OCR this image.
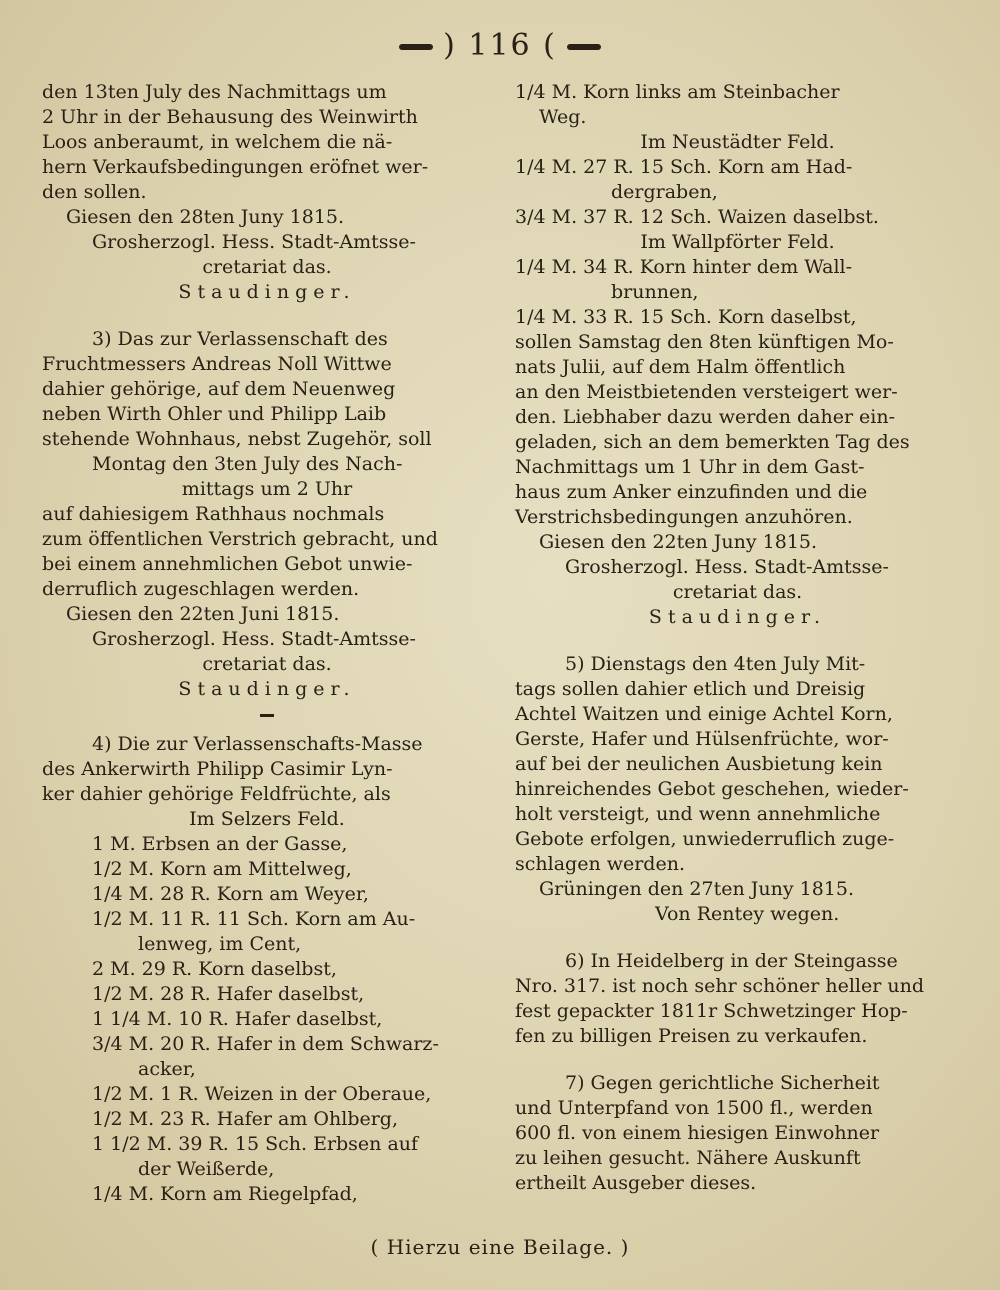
) 116 (
den 13ten July des Nachmittags um
2 Uhr in der Behausung des Weinwirth
Loos anberaumt, in welchem die nä-
hern Verkaufsbedingungen eröfnet wer-
den sollen.
Giesen den 28ten Juny 1815.
Grosherzogl. Hess. Stadt-Amtsse-
cretariat das.
Staudinger.
3) Das zur Verlassenschaft des
Fruchtmessers Andreas Noll Wittwe
dahier gehörige, auf dem Neuenweg
neben Wirth Ohler und Philipp Laib
stehende Wohnhaus, nebst Zugehör, soll
Montag den 3ten July des Nach-
mittags um 2 Uhr
auf dahiesigem Rathhaus nochmals
zum öffentlichen Verstrich gebracht, und
bei einem annehmlichen Gebot unwie-
derruflich zugeschlagen werden.
Giesen den 22ten Juni 1815.
Grosherzogl. Hess. Stadt-Amtsse-
cretariat das.
Staudinger.
4) Die zur Verlassenschafts-Masse
des Ankerwirth Philipp Casimir Lyn-
ker dahier gehörige Feldfrüchte, als
Im Selzers Feld.
1 M. Erbsen an der Gasse,
1/2 M. Korn am Mittelweg,
1/4 M. 28 R. Korn am Weyer,
1/2 M. 11 R. 11 Sch. Korn am Au-
lenweg, im Cent,
2 M. 29 R. Korn daselbst,
1/2 M. 28 R. Hafer daselbst,
1 1/4 M. 10 R. Hafer daselbst,
3/4 M. 20 R. Hafer in dem Schwarz-
acker,
1/2 M. 1 R. Weizen in der Oberaue,
1/2 M. 23 R. Hafer am Ohlberg,
1 1/2 M. 39 R. 15 Sch. Erbsen auf
der Weißerde,
1/4 M. Korn am Riegelpfad,
1/4 M. Korn links am Steinbacher
Weg.
Im Neustädter Feld.
1/4 M. 27 R. 15 Sch. Korn am Had-
dergraben,
3/4 M. 37 R. 12 Sch. Waizen daselbst.
Im Wallpförter Feld.
1/4 M. 34 R. Korn hinter dem Wall-
brunnen,
1/4 M. 33 R. 15 Sch. Korn daselbst,
sollen Samstag den 8ten künftigen Mo-
nats Julii, auf dem Halm öffentlich
an den Meistbietenden versteigert wer-
den. Liebhaber dazu werden daher ein-
geladen, sich an dem bemerkten Tag des
Nachmittags um 1 Uhr in dem Gast-
haus zum Anker einzufinden und die
Verstrichsbedingungen anzuhören.
Giesen den 22ten Juny 1815.
Grosherzogl. Hess. Stadt-Amtsse-
cretariat das.
Staudinger.
5) Dienstags den 4ten July Mit-
tags sollen dahier etlich und Dreisig
Achtel Waitzen und einige Achtel Korn,
Gerste, Hafer und Hülsenfrüchte, wor-
auf bei der neulichen Ausbietung kein
hinreichendes Gebot geschehen, wieder-
holt versteigt, und wenn annehmliche
Gebote erfolgen, unwiederruflich zuge-
schlagen werden.
Grüningen den 27ten Juny 1815.
Von Rentey wegen.
6) In Heidelberg in der Steingasse
Nro. 317. ist noch sehr schöner heller und
fest gepackter 1811r Schwetzinger Hop-
fen zu billigen Preisen zu verkaufen.
7) Gegen gerichtliche Sicherheit
und Unterpfand von 1500 fl., werden
600 fl. von einem hiesigen Einwohner
zu leihen gesucht. Nähere Auskunft
ertheilt Ausgeber dieses.
( Hierzu eine Beilage. )
